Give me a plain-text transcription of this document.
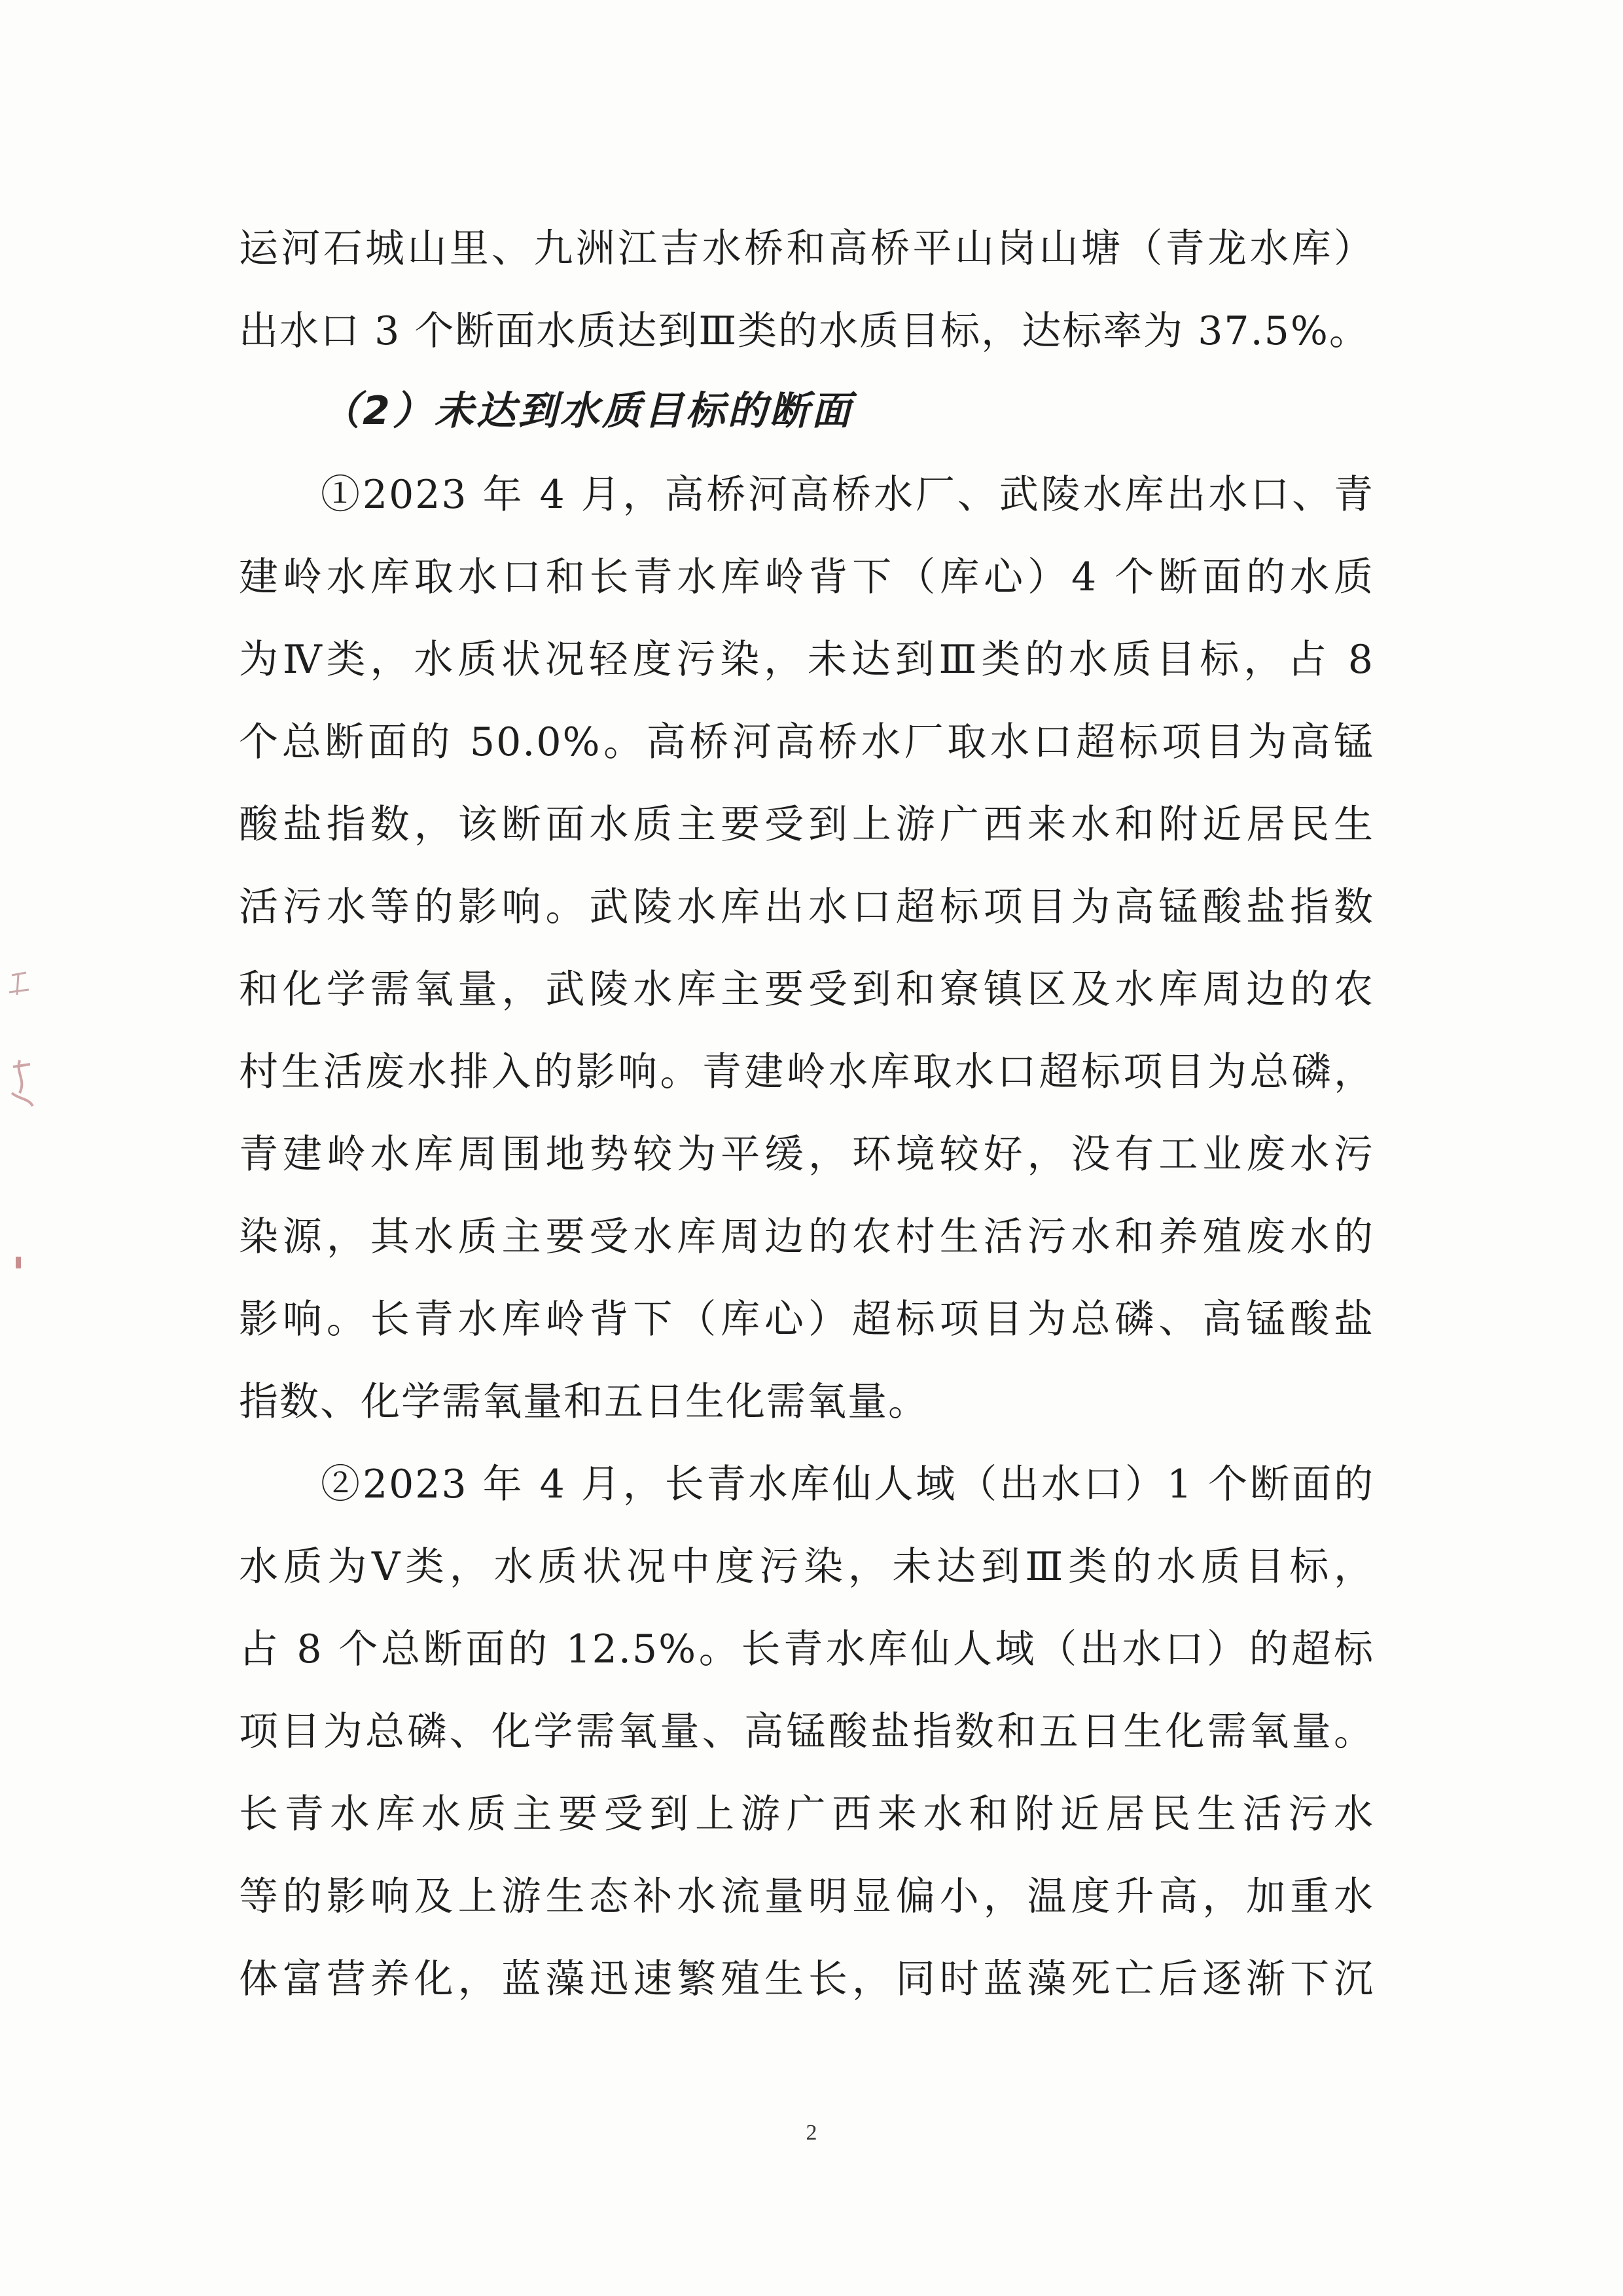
运河石城山里、九洲江吉水桥和高桥平山岗山塘（青龙水库）
出水口 3 个断面水质达到Ⅲ类的水质目标，达标率为 37.5%。
（2）未达到水质目标的断面
①2023 年 4 月，高桥河高桥水厂、武陵水库出水口、青
建岭水库取水口和长青水库岭背下（库心）4 个断面的水质
为Ⅳ类，水质状况轻度污染，未达到Ⅲ类的水质目标，占 8
个总断面的 50.0%。高桥河高桥水厂取水口超标项目为高锰
酸盐指数，该断面水质主要受到上游广西来水和附近居民生
活污水等的影响。武陵水库出水口超标项目为高锰酸盐指数
和化学需氧量，武陵水库主要受到和寮镇区及水库周边的农
村生活废水排入的影响。青建岭水库取水口超标项目为总磷，
青建岭水库周围地势较为平缓，环境较好，没有工业废水污
染源，其水质主要受水库周边的农村生活污水和养殖废水的
影响。长青水库岭背下（库心）超标项目为总磷、高锰酸盐
指数、化学需氧量和五日生化需氧量。
②2023 年 4 月，长青水库仙人域（出水口）1 个断面的
水质为Ⅴ类，水质状况中度污染，未达到Ⅲ类的水质目标，
占 8 个总断面的 12.5%。长青水库仙人域（出水口）的超标
项目为总磷、化学需氧量、高锰酸盐指数和五日生化需氧量。
长青水库水质主要受到上游广西来水和附近居民生活污水
等的影响及上游生态补水流量明显偏小，温度升高，加重水
体富营养化，蓝藻迅速繁殖生长，同时蓝藻死亡后逐渐下沉
2
